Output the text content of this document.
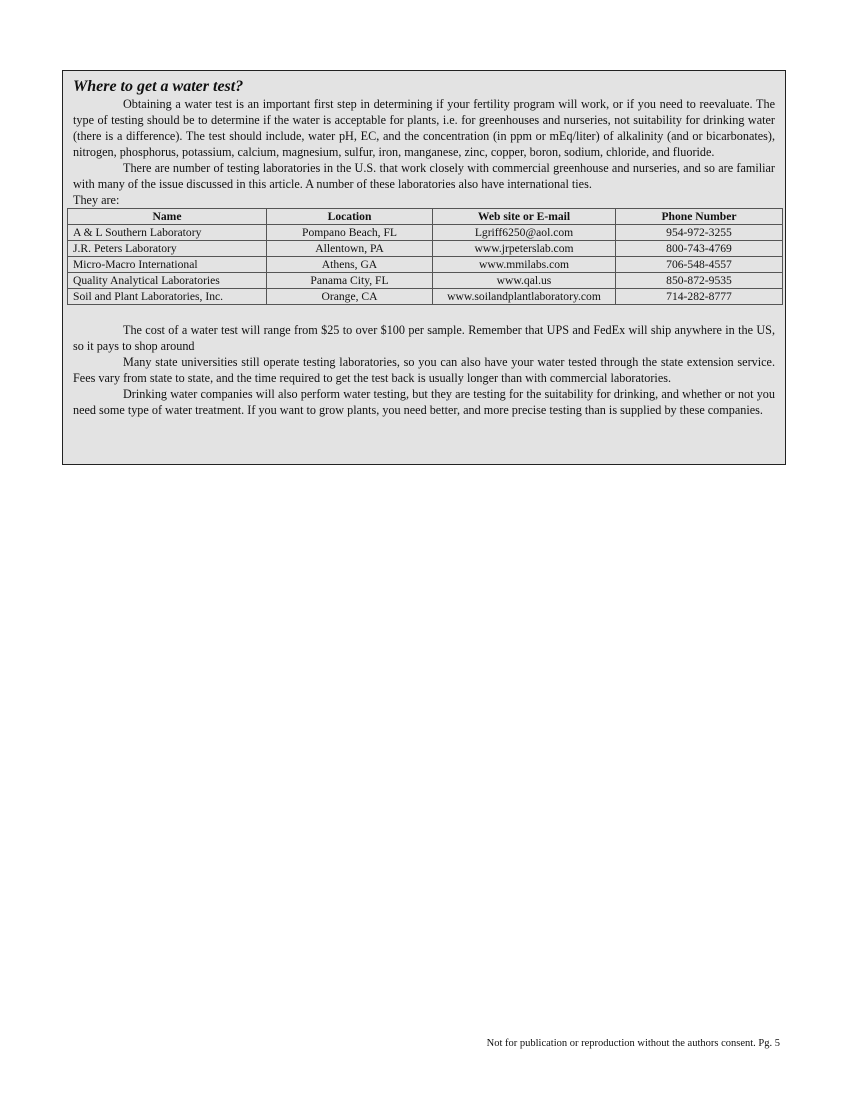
Where to get a water test?

Obtaining a water test is an important first step in determining if your fertility program will work, or if you need to reevaluate. The type of testing should be to determine if the water is acceptable for plants, i.e. for greenhouses and nurseries, not suitability for drinking water (there is a difference). The test should include, water pH, EC, and the concentration (in ppm or mEq/liter) of alkalinity (and or bicarbonates), nitrogen, phosphorus, potassium, calcium, magnesium, sulfur, iron, manganese, zinc, copper, boron, sodium, chloride, and fluoride.

There are number of testing laboratories in the U.S. that work closely with commercial greenhouse and nurseries, and so are familiar with many of the issue discussed in this article. A number of these laboratories also have international ties.

They are:

Name	Location	Web site or E-mail	Phone Number
A & L Southern Laboratory	Pompano Beach, FL	Lgriff6250@aol.com	954-972-3255
J.R. Peters Laboratory	Allentown, PA	www.jrpeterslab.com	800-743-4769
Micro-Macro International	Athens, GA	www.mmilabs.com	706-548-4557
Quality Analytical Laboratories	Panama City, FL	www.qal.us	850-872-9535
Soil and Plant Laboratories, Inc.	Orange, CA	www.soilandplantlaboratory.com	714-282-8777

The cost of a water test will range from $25 to over $100 per sample. Remember that UPS and FedEx will ship anywhere in the US, so it pays to shop around

Many state universities still operate testing laboratories, so you can also have your water tested through the state extension service. Fees vary from state to state, and the time required to get the test back is usually longer than with commercial laboratories.

Drinking water companies will also perform water testing, but they are testing for the suitability for drinking, and whether or not you need some type of water treatment. If you want to grow plants, you need better, and more precise testing than is supplied by these companies.

Not for publication or reproduction without the authors consent. Pg. 5
